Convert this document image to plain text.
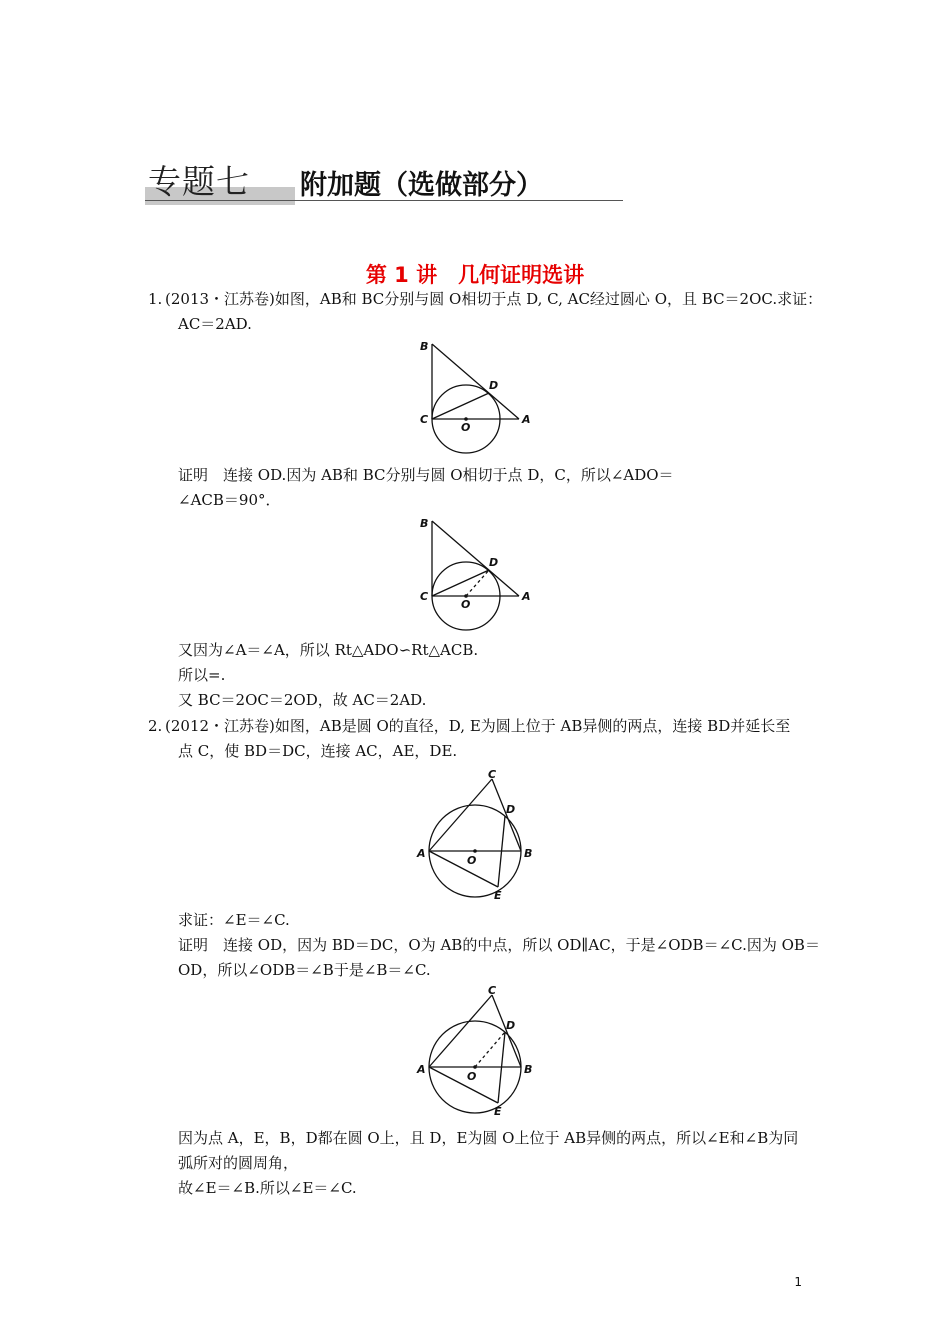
专题七 附加题（选做部分）
第 1 讲　几何证明选讲
1. (2013・江苏卷)如图，AB和 BC分别与圆 O相切于点 D, C, AC经过圆心 O，且 BC＝2OC.求证：
AC＝2AD.
B
C
D
A
O
证明　连接 OD.因为 AB和 BC分别与圆 O相切于点 D，C，所以∠ADO＝
∠ACB＝90°．
B
C
D
A
O
又因为∠A＝∠A，所以 Rt△ADO∽Rt△ACB.
所以=.
又 BC＝2OC＝2OD，故 AC＝2AD.
2. (2012・江苏卷)如图，AB是圆 O的直径，D, E为圆上位于 AB异侧的两点，连接 BD并延长至
点 C，使 BD＝DC，连接 AC，AE，DE.
C
D
A	B
O
E
求证：∠E＝∠C.
证明　连接 OD，因为 BD＝DC，O为 AB的中点，所以 OD∥AC，于是∠ODB＝∠C.因为 OB＝
OD，所以∠ODB＝∠B于是∠B＝∠C.
C
D
A	B
O
E
因为点 A，E，B，D都在圆 O上，且 D，E为圆 O上位于 AB异侧的两点，所以∠E和∠B为同
弧所对的圆周角，
故∠E＝∠B.所以∠E＝∠C.
1
